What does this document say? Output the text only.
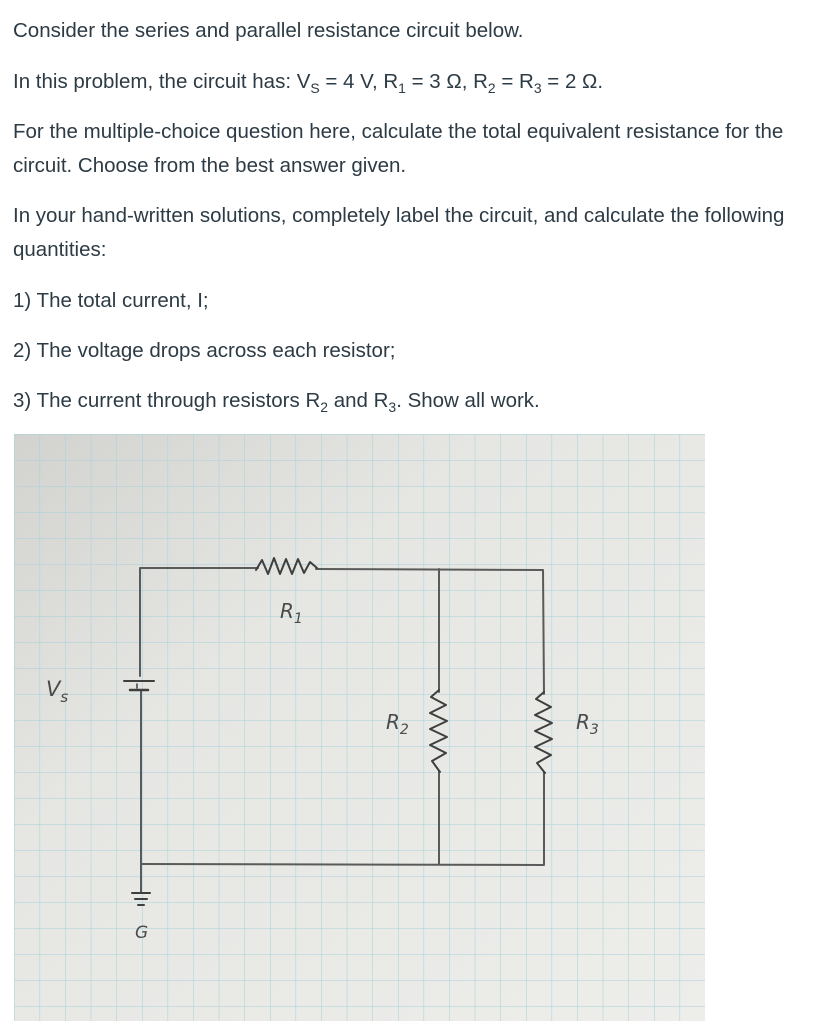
Consider the series and parallel resistance circuit below.

In this problem, the circuit has: $V_S = 4$ V, $R_1 = 3$ Ω, $R_2 = R_3 = 2$ Ω.

For the multiple-choice question here, calculate the total equivalent resistance for the circuit. Choose from the best answer given.

In your hand-written solutions, completely label the circuit, and calculate the following quantities:

1) The total current, I;

2) The voltage drops across each resistor;

3) The current through resistors $R_2$ and $R_3$. Show all work.

$V_s$
$R_1$
$R_2$	$R_3$
G
